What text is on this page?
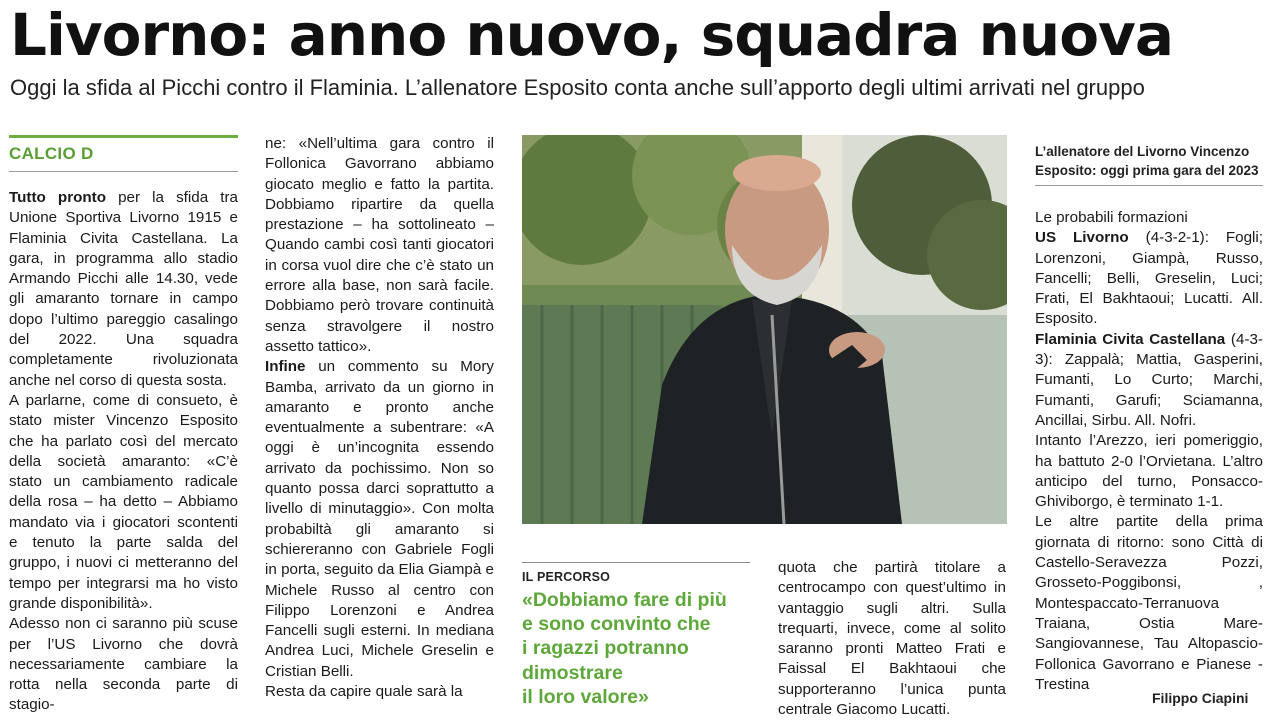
Livorno: anno nuovo, squadra nuova
Oggi la sfida al Picchi contro il Flaminia. L’allenatore Esposito conta anche sull’apporto degli ultimi arrivati nel gruppo
CALCIO D

Tutto pronto per la sfida tra Unione Sportiva Livorno 1915 e Flaminia Civita Castellana. La gara, in programma allo stadio Armando Picchi alle 14.30, vede gli amaranto tornare in campo dopo l’ultimo pareggio casalingo del 2022. Una squadra completamente rivoluzionata anche nel corso di questa sosta.

A parlarne, come di consueto, è stato mister Vincenzo Esposito che ha parlato così del mercato della società amaranto: «C’è stato un cambiamento radicale della rosa – ha detto – Abbiamo mandato via i giocatori scontenti e tenuto la parte salda del gruppo, i nuovi ci metteranno del tempo per integrarsi ma ho visto grande disponibilità».

Adesso non ci saranno più scuse per l’US Livorno che dovrà necessariamente cambiare la rotta nella seconda parte di stagio-

ne: «Nell’ultima gara contro il Follonica Gavorrano abbiamo giocato meglio e fatto la partita. Dobbiamo ripartire da quella prestazione – ha sottolineato – Quando cambi così tanti giocatori in corsa vuol dire che c’è stato un errore alla base, non sarà facile. Dobbiamo però trovare continuità senza stravolgere il nostro assetto tattico».

Infine un commento su Mory Bamba, arrivato da un giorno in amaranto e pronto anche eventualmente a subentrare: «A oggi è un’incognita essendo arrivato da pochissimo. Non so quanto possa darci soprattutto a livello di minutaggio». Con molta probabiltà gli amaranto si schiereranno con Gabriele Fogli in porta, seguito da Elia Giampà e Michele Russo al centro con Filippo Lorenzoni e Andrea Fancelli sugli esterni. In mediana Andrea Luci, Michele Greselin e Cristian Belli.

Resta da capire quale sarà la

L’allenatore del Livorno Vincenzo Esposito: oggi prima gara del 2023
IL PERCORSO
«Dobbiamo fare di più
e sono convinto che
i ragazzi potranno
dimostrare
il loro valore»

quota che partirà titolare a centrocampo con quest’ultimo in vantaggio sugli altri. Sulla trequarti, invece, come al solito saranno pronti Matteo Frati e Faissal El Bakhtaoui che supporteranno l’unica punta centrale Giacomo Lucatti.

Le probabili formazioni

US Livorno (4-3-2-1): Fogli; Lorenzoni, Giampà, Russo, Fancelli; Belli, Greselin, Luci; Frati, El Bakhtaoui; Lucatti. All. Esposito.

Flaminia Civita Castellana (4-3-3): Zappalà; Mattia, Gasperini, Fumanti, Lo Curto; Marchi, Fumanti, Garufi; Sciamanna, Ancillai, Sirbu. All. Nofri.

Intanto l’Arezzo, ieri pomeriggio, ha battuto 2-0 l’Orvietana. L’altro anticipo del turno, Ponsacco-Ghiviborgo, è terminato 1-1.

Le altre partite della prima giornata di ritorno: sono Città di Castello-Seravezza Pozzi, Grosseto-Poggibonsi, , Montespaccato-Terranuova Traiana, Ostia Mare-Sangiovannese, Tau Altopascio-Follonica Gavorrano e Pianese - Trestina

Filippo Ciapini
